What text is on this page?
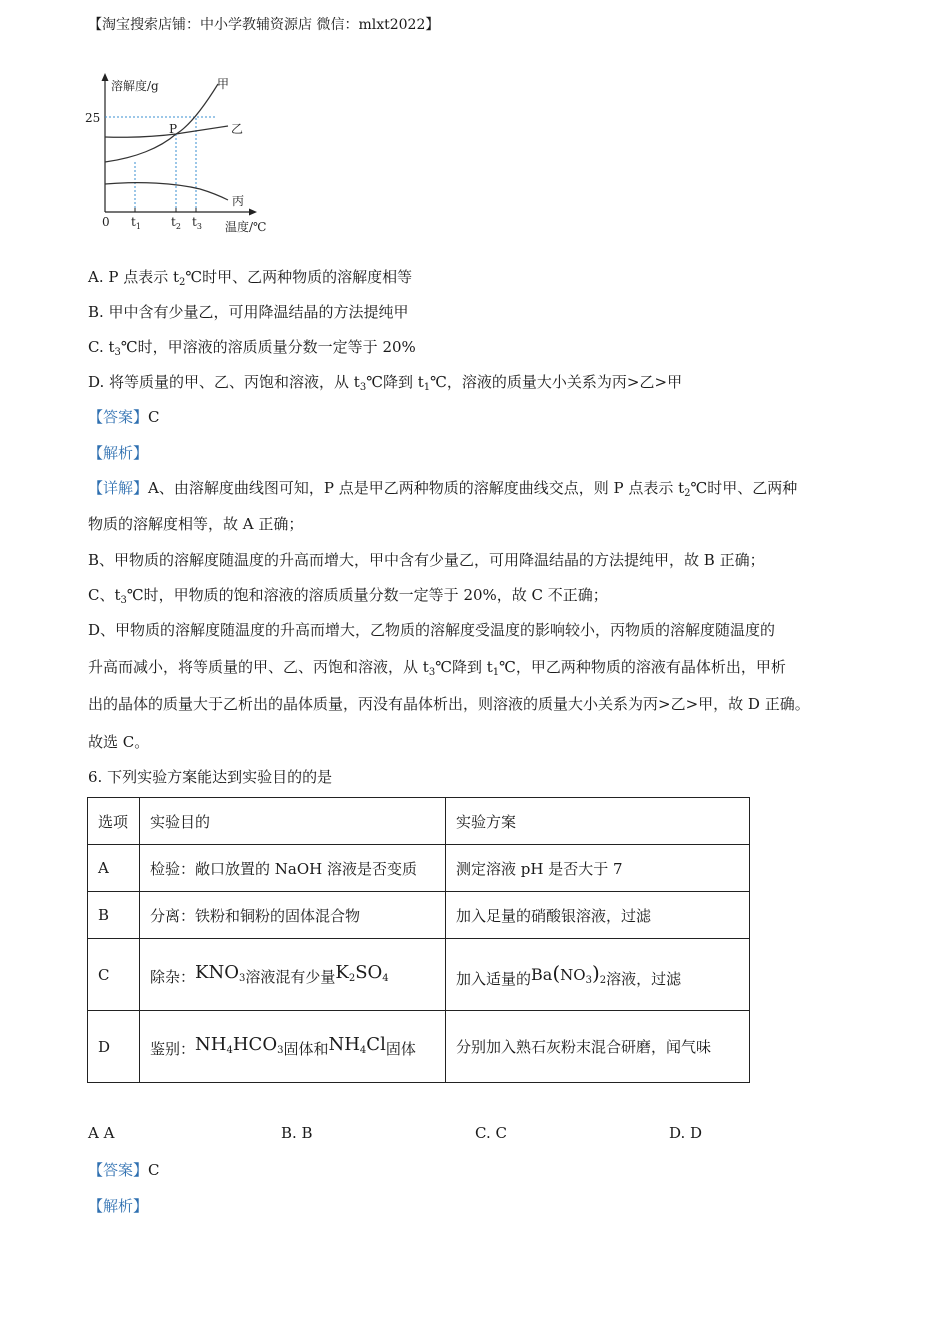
【淘宝搜索店铺：中小学教辅资源店 微信：mlxt2022】
溶解度/g
25
0 $t_1$	$t_2$ $t_3$ 温度/℃
P
甲
乙
丙
A. P 点表示 $t_2℃$时甲、乙两种物质的溶解度相等
B. 甲中含有少量乙，可用降温结晶的方法提纯甲
C. $t_3℃$时，甲溶液的溶质质量分数一定等于 20%
D. 将等质量的甲、乙、丙饱和溶液，从 $t_3℃$降到 $t_1℃$，溶液的质量大小关系为丙>乙>甲
【答案】C
【解析】
【详解】A、由溶解度曲线图可知，P 点是甲乙两种物质的溶解度曲线交点，则 P 点表示 $t_2℃$时甲、乙两种
物质的溶解度相等，故 A 正确；
B、甲物质的溶解度随温度的升高而增大，甲中含有少量乙，可用降温结晶的方法提纯甲，故 B 正确；
C、$t_3℃$时，甲物质的饱和溶液的溶质质量分数一定等于 20%，故 C 不正确；
D、甲物质的溶解度随温度的升高而增大，乙物质的溶解度受温度的影响较小，丙物质的溶解度随温度的
升高而减小，将等质量的甲、乙、丙饱和溶液，从 $t_3℃$降到 $t_1℃$，甲乙两种物质的溶液有晶体析出，甲析
出的晶体的质量大于乙析出的晶体质量，丙没有晶体析出，则溶液的质量大小关系为丙>乙>甲，故 D 正确。
故选 C。
6. 下列实验方案能达到实验目的的是
选项	实验目的	实验方案
A	检验：敞口放置的 NaOH 溶液是否变质	测定溶液 pH 是否大于 7
B	分离：铁粉和铜粉的固体混合物	加入足量的硝酸银溶液，过滤
C	除杂：KNO3溶液混有少量K2SO4	加入适量的Ba(NO3)2溶液，过滤
D	鉴别：NH4HCO3固体和NH4Cl固体	分别加入熟石灰粉末混合研磨，闻气味
A A	B. B	C. C	D. D
【答案】C
【解析】
